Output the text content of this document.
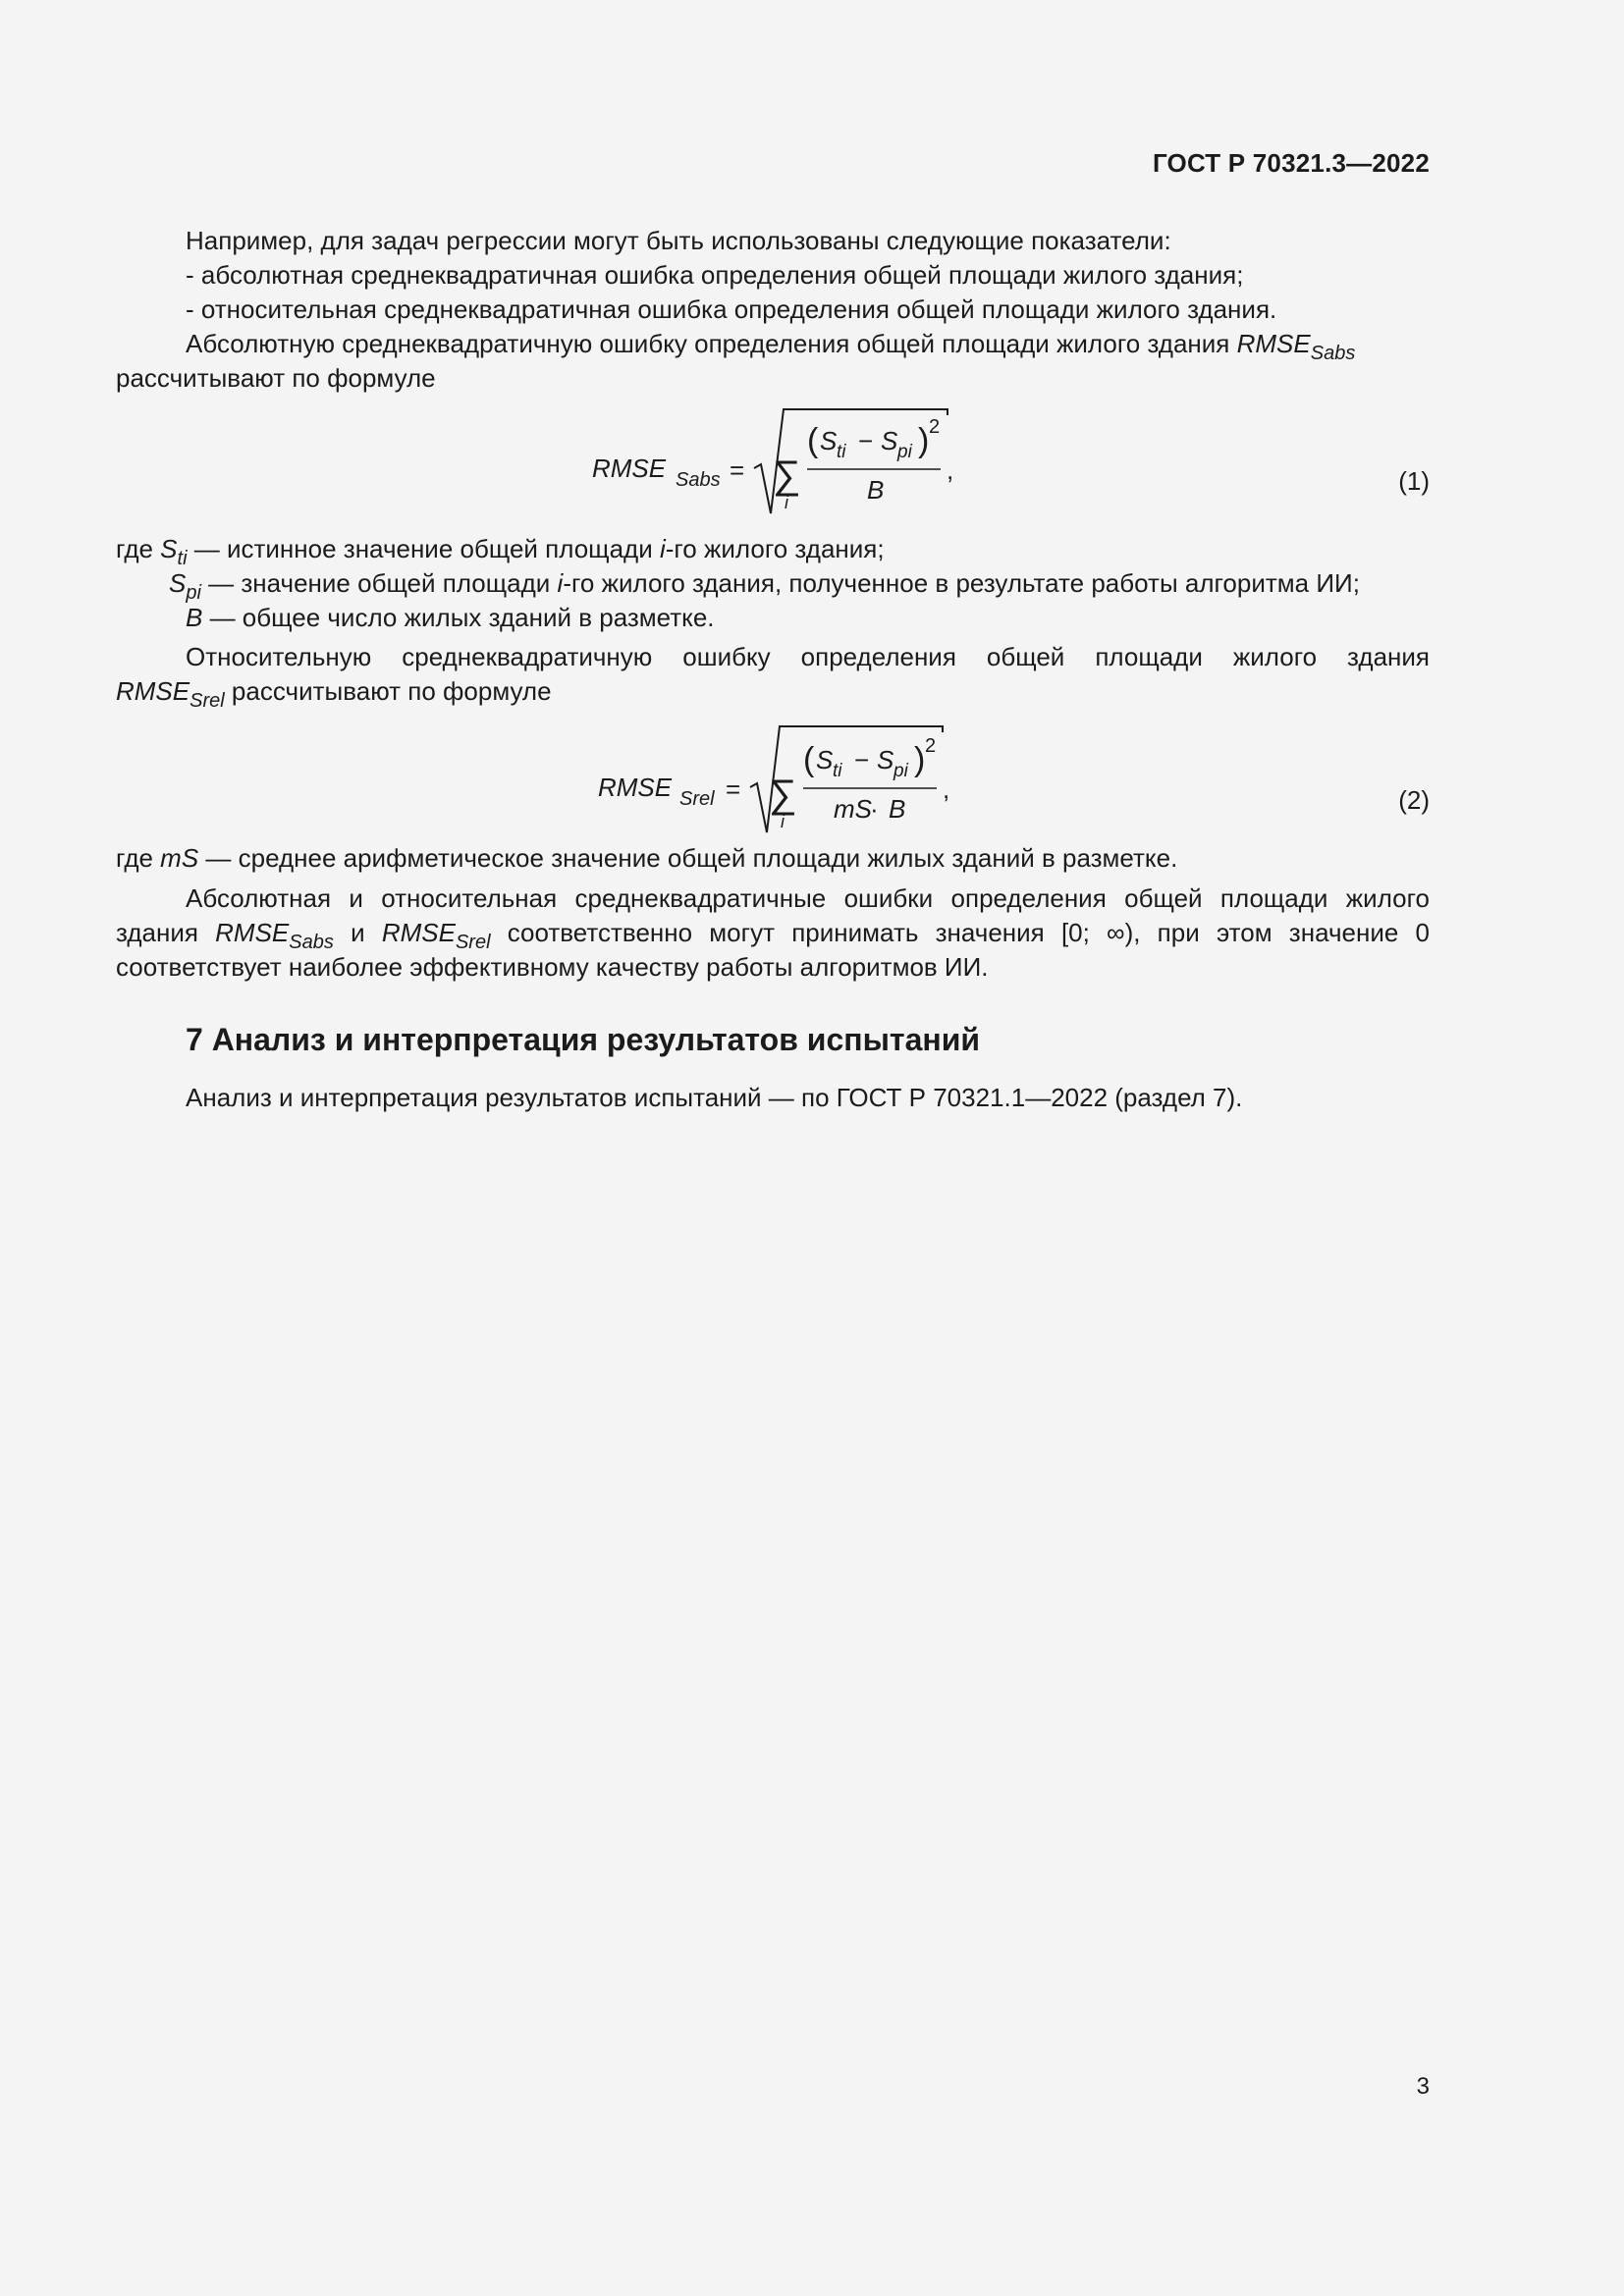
ГОСТ Р 70321.3—2022

Например, для задач регрессии могут быть использованы следующие показатели:

- абсолютная среднеквадратичная ошибка определения общей площади жилого здания;

- относительная среднеквадратичная ошибка определения общей площади жилого здания.

Абсолютную среднеквадратичную ошибку определения общей площади жилого здания $RMSE_{Sabs}$

рассчитывают по формуле

RMSE Sabs = ∑
i
( S ti − S pi ) 2
B
,	(1)
где $S_{ti}$ — истинное значение общей площади i-го жилого здания;
$S_{pi}$ — значение общей площади i-го жилого здания, полученное в результате работы алгоритма ИИ;
B — общее число жилых зданий в разметке.

Относительную среднеквадратичную ошибку определения общей площади жилого здания

$RMSE_{Srel}$ рассчитывают по формуле

RMSE Srel = ∑
i
( S ti − S pi ) 2
mS
· B
,	(2)
где mS — среднее арифметическое значение общей площади жилых зданий в разметке.

Абсолютная и относительная среднеквадратичные ошибки определения общей площади жилого здания $RMSE_{Sabs}$ и $RMSE_{Srel}$ соответственно могут принимать значения [0; ∞), при этом значение 0 соответствует наиболее эффективному качеству работы алгоритмов ИИ.

7 Анализ и интерпретация результатов испытаний

Анализ и интерпретация результатов испытаний — по ГОСТ Р 70321.1—2022 (раздел 7).

3
